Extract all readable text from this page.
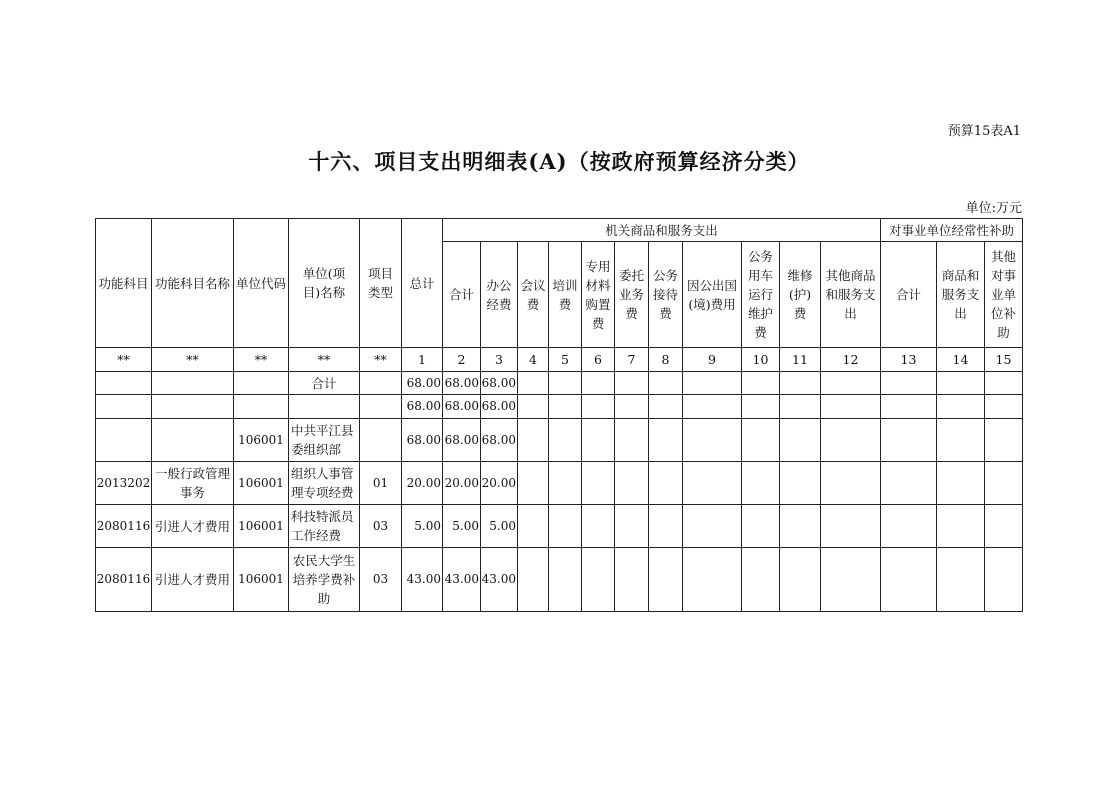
预算15表A1
十六、项目支出明细表(A)（按政府预算经济分类）
单位:万元
功能科目	功能科目名称	单位代码	单位(项目)名称	项目类型	总计	机关商品和服务支出											对事业单位经常性补助		
						合计	办公经费	会议费	培训费	专用材料购置费	委托业务费	公务接待费	因公出国(境)费用	公务用车运行维护费	维修(护)费	其他商品和服务支出	合计	商品和服务支出	其他对事业单位补助

**	**	**	**	**	1	2	3	4	5	6	7	8	9	10	11	12	13	14	15
			合计		68.00	68.00	68.00												
					68.00	68.00	68.00												
		106001	中共平江县委组织部		68.00	68.00	68.00												
2013202	一般行政管理事务	106001	组织人事管理专项经费	01	20.00	20.00	20.00												
2080116	引进人才费用	106001	科技特派员工作经费	03	5.00	5.00	5.00												
2080116	引进人才费用	106001	农民大学生培养学费补助	03	43.00	43.00	43.00												
